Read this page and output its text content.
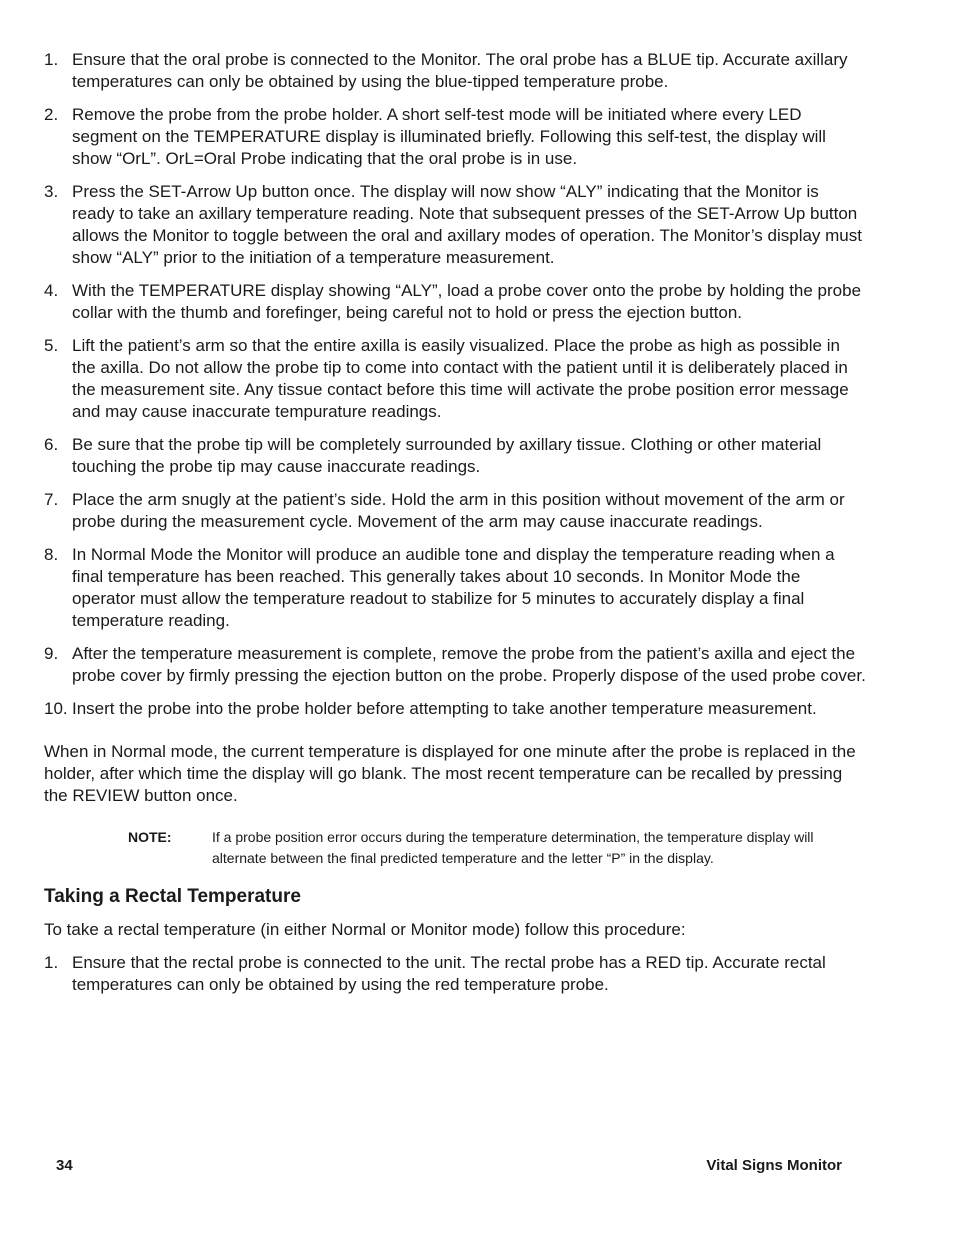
1. Ensure that the oral probe is connected to the Monitor. The oral probe has a BLUE tip. Accurate axillary temperatures can only be obtained by using the blue-tipped temperature probe.
2. Remove the probe from the probe holder. A short self-test mode will be initiated where every LED segment on the TEMPERATURE display is illuminated briefly. Following this self-test, the display will show “OrL”. OrL=Oral Probe indicating that the oral probe is in use.
3. Press the SET-Arrow Up button once. The display will now show “ALY” indicating that the Monitor is ready to take an axillary temperature reading. Note that subsequent presses of the SET-Arrow Up button allows the Monitor to toggle between the oral and axillary modes of operation. The Monitor’s display must show “ALY” prior to the initiation of a temperature measurement.
4. With the TEMPERATURE display showing “ALY”, load a probe cover onto the probe by holding the probe collar with the thumb and forefinger, being careful not to hold or press the ejection button.
5. Lift the patient’s arm so that the entire axilla is easily visualized. Place the probe as high as possible in the axilla. Do not allow the probe tip to come into contact with the patient until it is deliberately placed in the measurement site. Any tissue contact before this time will activate the probe position error message and may cause inaccurate tempurature readings.
6. Be sure that the probe tip will be completely surrounded by axillary tissue. Clothing or other material touching the probe tip may cause inaccurate readings.
7. Place the arm snugly at the patient’s side. Hold the arm in this position without movement of the arm or probe during the measurement cycle. Movement of the arm may cause inaccurate readings.
8. In Normal Mode the Monitor will produce an audible tone and display the temperature reading when a final temperature has been reached. This generally takes about 10 seconds. In Monitor Mode the operator must allow the temperature readout to stabilize for 5 minutes to accurately display a final temperature reading.
9. After the temperature measurement is complete, remove the probe from the patient’s axilla and eject the probe cover by firmly pressing the ejection button on the probe. Properly dispose of the used probe cover.
10. Insert the probe into the probe holder before attempting to take another temperature measurement.

When in Normal mode, the current temperature is displayed for one minute after the probe is replaced in the holder, after which time the display will go blank. The most recent temperature can be recalled by pressing the REVIEW button once.

NOTE:	If a probe position error occurs during the temperature determination, the temperature display will alternate between the final predicted temperature and the letter “P” in the display.
Taking a Rectal Temperature

To take a rectal temperature (in either Normal or Monitor mode) follow this procedure:

1. Ensure that the rectal probe is connected to the unit. The rectal probe has a RED tip. Accurate rectal temperatures can only be obtained by using the red temperature probe.
34	Vital Signs Monitor
